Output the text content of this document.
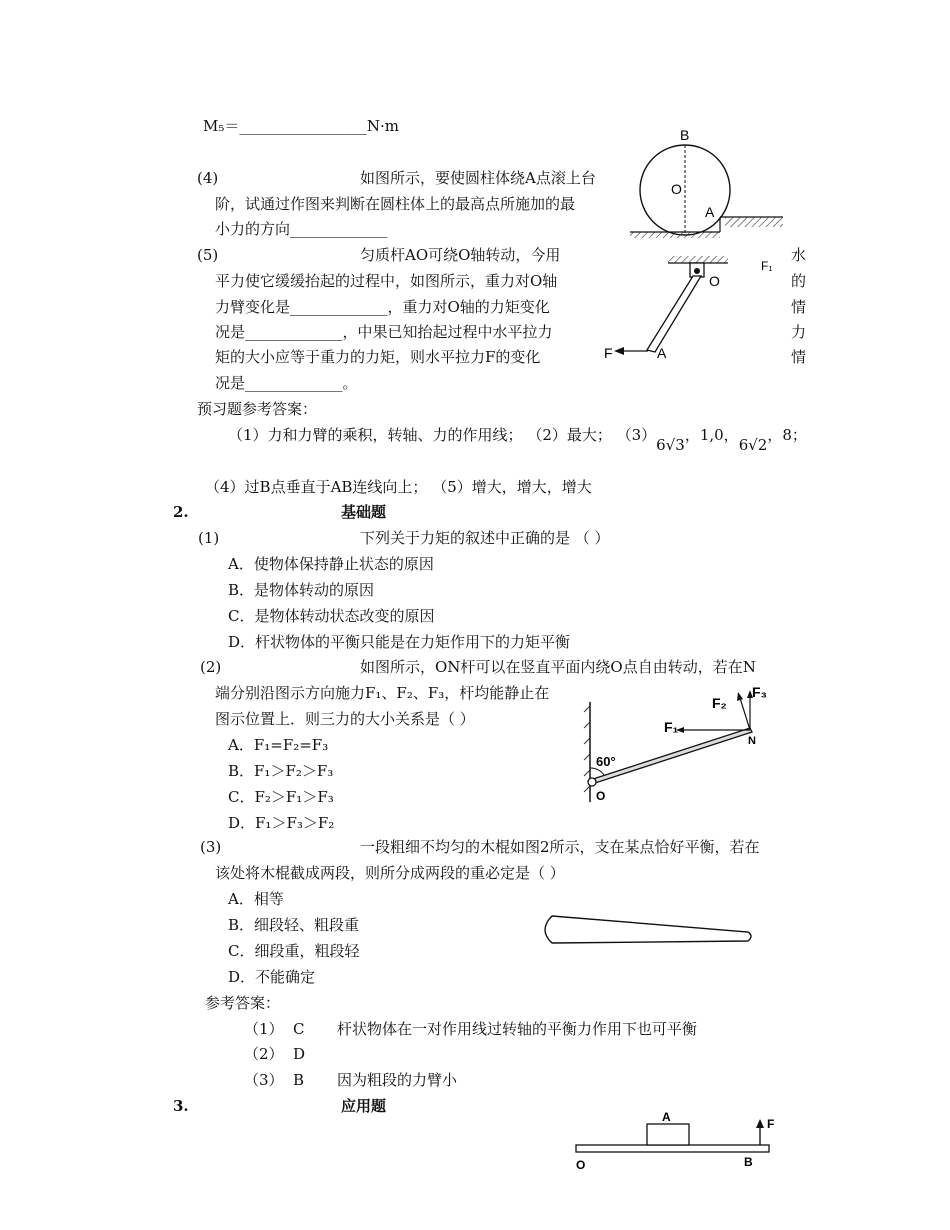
M₅＝_________________N·m
(4)	如图所示，要使圆柱体绕A点滚上台
阶，试通过作图来判断在圆柱体上的最高点所施加的最
小力的方向_____________
B
O
A
(5)	匀质杆AO可绕O轴转动，今用
平力使它缓缓抬起的过程中，如图所示，重力对O轴
力臂变化是_____________，重力对O轴的力矩变化
况是_____________，中果已知抬起过程中水平拉力
矩的大小应等于重力的力矩，则水平拉力F的变化
况是_____________。
水
的
情
力
情
F₁
O
F	A
预习题参考答案：
（1）力和力臂的乘积，转轴、力的作用线； （2）最大； （3）6√3，1,0，6√2，8；
（4）过B点垂直于AB连线向上； （5）增大，增大，增大
2.	基础题
(1)	下列关于力矩的叙述中正确的是 （ ）
A．使物体保持静止状态的原因
B．是物体转动的原因
C．是物体转动状态改变的原因
D．杆状物体的平衡只能是在力矩作用下的力矩平衡
(2)	如图所示，ON杆可以在竖直平面内绕O点自由转动，若在N
端分别沿图示方向施力F₁、F₂、F₃，杆均能静止在
图示位置上．则三力的大小关系是（ ）
A．F₁=F₂=F₃
B．F₁＞F₂＞F₃
C．F₂＞F₁＞F₃
D．F₁＞F₃＞F₂
F₁
F₂
F₃
N
60°
O
(3)	一段粗细不均匀的木棍如图2所示，支在某点恰好平衡，若在
该处将木棍截成两段，则所分成两段的重必定是（ ）
A．相等
B．细段轻、粗段重
C．细段重，粗段轻
D．不能确定
参考答案：
（1） C 杆状物体在一对作用线过转轴的平衡力作用下也可平衡
（2） D
（3） B 因为粗段的力臂小
3.	应用题
A	F
O	B
